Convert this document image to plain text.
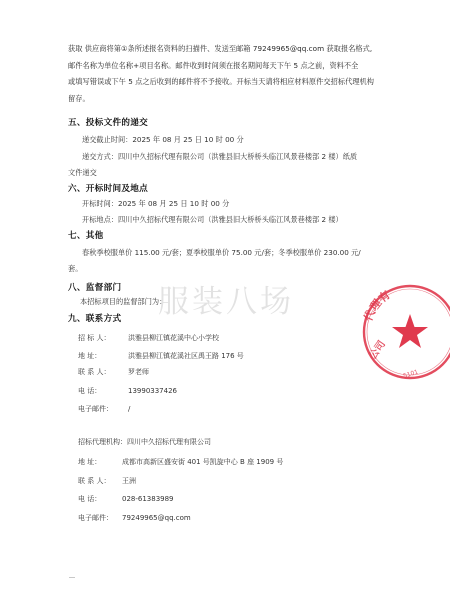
获取 供应商将第①条所述报名资料的扫描件、发送至邮箱 79249965@qq.com 获取报名格式,
邮件名称为单位名称+项目名称。邮件收到时间须在报名期间每天下午 5 点之前，资料不全
或填写错误或下午 5 点之后收到的邮件将不予接收。开标当天请将相应材料原件交招标代理机构
留存。
五、投标文件的递交
递交截止时间：2025 年 08 月 25 日 10 时 00 分
递交方式：四川中久招标代理有限公司（洪雅县旧大桥桥头临江风景巷楼部 2 楼）纸质
文件递交
六、开标时间及地点
开标时间：2025 年 08 月 25 日 10 时 00 分
开标地点：四川中久招标代理有限公司（洪雅县旧大桥桥头临江风景巷楼部 2 楼）
七、其他
春秋季校服单价 115.00 元/套；夏季校服单价 75.00 元/套；冬季校服单价 230.00 元/
套。
八、监督部门
本招标项目的监督部门为：
九、联系方式
招 标 人：	洪雅县柳江镇花溪中心小学校
地 址：	洪雅县柳江镇花溪社区禹王路 176 号
联 系 人：	罗老师
电 话：	13990337426
电子邮件： /
招标代理机构：四川中久招标代理有限公司
地 址：	成都市高新区盛安街 401 号凯旋中心 B 座 1909 号
联 系 人： 王洲
电 话：	028-61383989
电子邮件： 79249965@qq.com
服装八场	代理有
公司
5101
